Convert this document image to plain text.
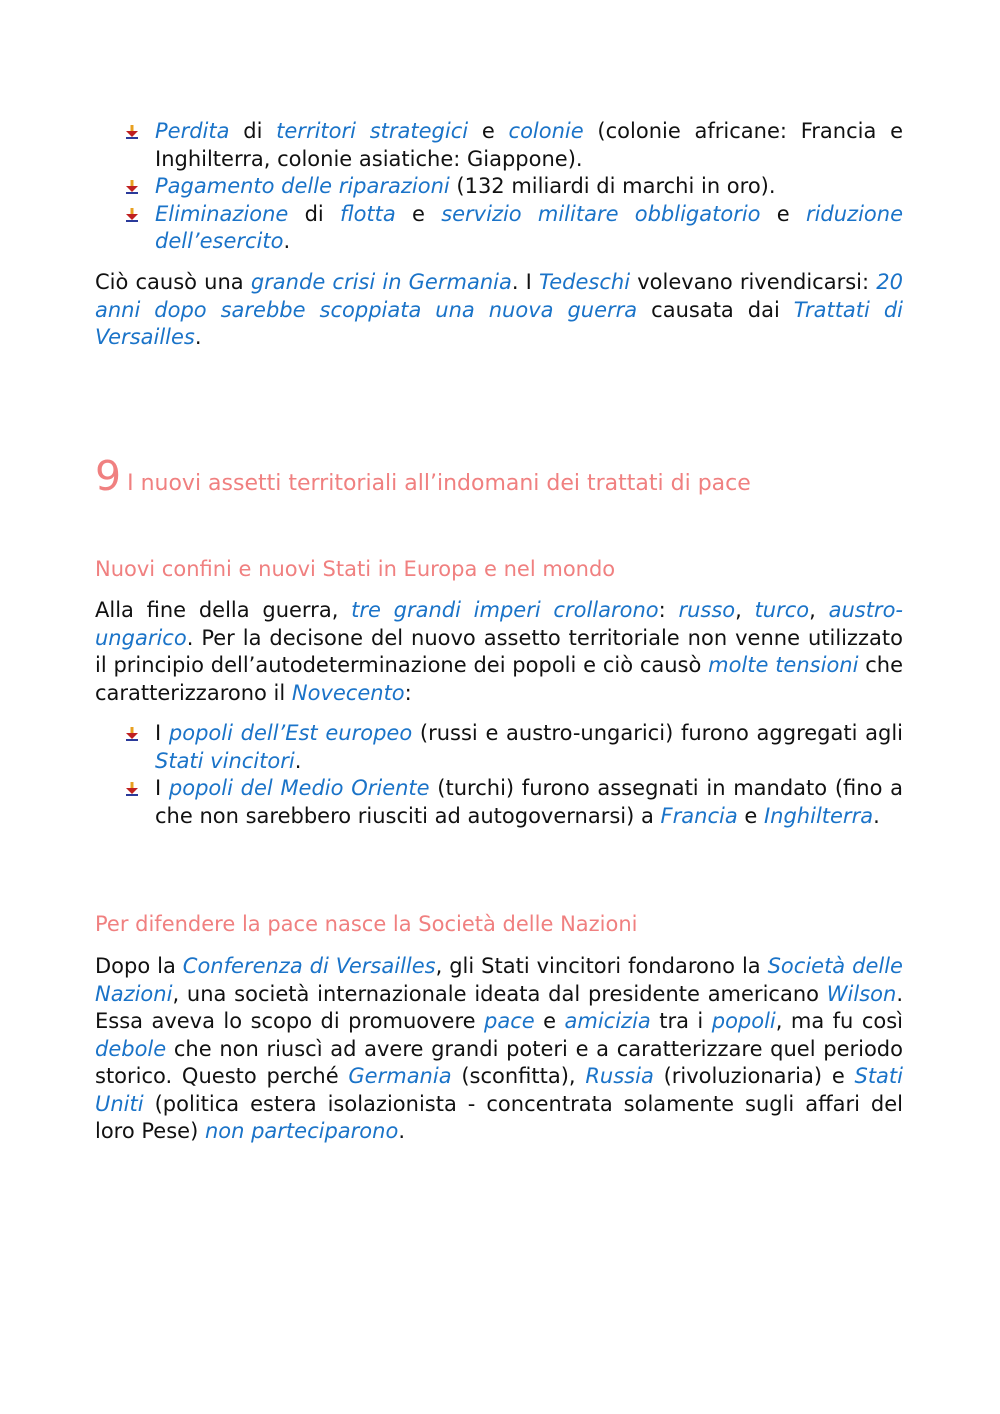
Perdita di territori strategici e colonie (colonie africane: Francia e Inghilterra, colonie asiatiche: Giappone).
Pagamento delle riparazioni (132 miliardi di marchi in oro).
Eliminazione di flotta e servizio militare obbligatorio e riduzione dell’esercito.

Ciò causò una grande crisi in Germania. I Tedeschi volevano rivendicarsi: 20 anni dopo sarebbe scoppiata una nuova guerra causata dai Trattati di Versailles.

9 I nuovi assetti territoriali all’indomani dei trattati di pace
Nuovi confini e nuovi Stati in Europa e nel mondo

Alla fine della guerra, tre grandi imperi crollarono: russo, turco, austro-ungarico. Per la decisone del nuovo assetto territoriale non venne utilizzato il principio dell’autodeterminazione dei popoli e ciò causò molte tensioni che caratterizzarono il Novecento:

I popoli dell’Est europeo (russi e austro-ungarici) furono aggregati agli Stati vincitori.
I popoli del Medio Oriente (turchi) furono assegnati in mandato (fino a che non sarebbero riusciti ad autogovernarsi) a Francia e Inghilterra.
Per difendere la pace nasce la Società delle Nazioni

Dopo la Conferenza di Versailles, gli Stati vincitori fondarono la Società delle Nazioni, una società internazionale ideata dal presidente americano Wilson. Essa aveva lo scopo di promuovere pace e amicizia tra i popoli, ma fu così debole che non riuscì ad avere grandi poteri e a caratterizzare quel periodo storico. Questo perché Germania (sconfitta), Russia (rivoluzionaria) e Stati Uniti (politica estera isolazionista - concentrata solamente sugli affari del loro Pese) non parteciparono.
